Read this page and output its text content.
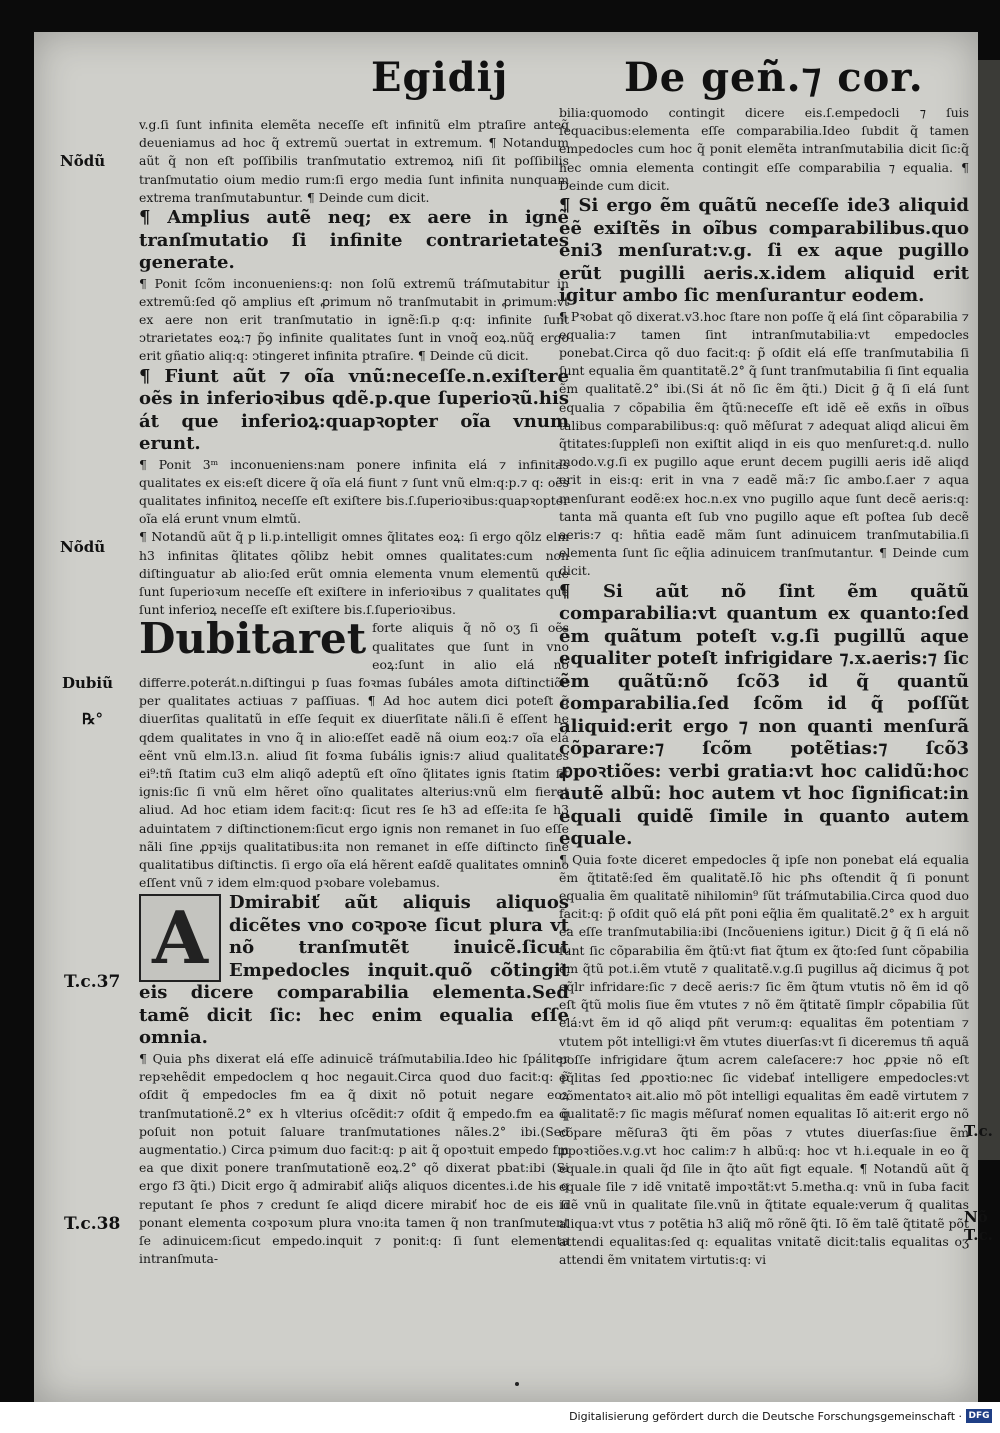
Egidij	De geñ.⁊ cor.
Nõdũ
Nõdũ
Dubiũ
℞°
T.c.37
T.c.38
T.c.
Nõ
T.c.

v.g.ſi ſunt infinita elemẽta neceſſe eſt infinitũ elm ptraſire anteq̃ deueniamus ad hoc q̃ extremũ ↄuertat in extremum. ¶ Notandum aũt q̃ non eſt poſſibilis tranſmutatio extremoꝝ niſi ſit poſſibilis tranſmutatio oium medio rum:ſi ergo media ſunt infinita nunquam extrema tranſmutabuntur. ¶ Deinde cum dicit.

¶ Amplius autẽ neq; ex aere in ignẽ tranſmutatio ſi infinite contrarietates generate.

¶ Ponit ſcõm inconueniens:q: non ſolũ extremũ tráſmutabitur in extremũ:ſed qõ amplius eſt ꝓrimum nõ tranſmutabit in ꝓrimum:vt ex aere non erit tranſmutatio in ignẽ:ſi.p q:q: infinite ſunt ↄtrarietates eoꝝ:⁊ p̃ꝯ infinite qualitates ſunt in vnoq̃ eoꝝ.nũq̃ ergo erit gñatio aliq:q: ↄtingeret infinita ptraſire. ¶ Deinde cũ dicit.

¶ Fiunt aũt ⁊ oĩa vnũ:neceſſe.n.exiſtere oẽs in inferioꝛibus qdẽ.p.que ſuperioꝛũ.his át que inferioꝝ:quapꝛopter oĩa vnum erunt.

¶ Ponit 3ᵐ inconueniens:nam ponere infinita elá ⁊ infinitas qualitates ex eis:eſt dicere q̃ oĩa elá fiunt ⁊ ſunt vnũ elm:q:p.⁊ q: oẽs qualitates infinitoꝝ neceſſe eſt exiſtere bis.ſ.ſuperioꝛibus:quapꝛopter oĩa elá erunt vnum elmtũ.

¶ Notandũ aũt q̃ p li.p.intelligit omnes q̃litates eoꝝ: ſi ergo qõlz elm h3 infinitas q̃litates qõlibz hebit omnes qualitates:cum non diſtinguatur ab alio:ſed erũt omnia elementa vnum elementũ que ſunt ſuperioꝛum neceſſe eſt exiſtere in inferioꝛibus ⁊ qualitates que ſunt inferioꝝ neceſſe eſt exiſtere bis.ſ.ſuperioꝛibus.

Dubitaret forte aliquis q̃ nõ oʒ ſi oẽs qualitates que ſunt in vno eoꝝ:ſunt in alio elá nõ differre.poterát.n.diſtingui p ſuas foꝛmas ſubáles amota diſtinctiõe per qualitates actiuas ⁊ paſſiuas. ¶ Ad hoc autem dici poteſt q̃ diuerſitas qualitatũ in eſſe ſequit ex diuerſitate nãli.ſi ẽ eſſent he qdem qualitates in vno q̃ in alio:eſſet eadẽ nã oium eoꝝ:⁊ oĩa elá eẽnt vnũ elm.l3.n. aliud ſit foꝛma ſubális ignis:⁊ aliud qualitates ei⁹:tñ ſtatim cu3 elm aliqõ adeptũ eſt oĩno q̃litates ignis ſtatim fit ignis:ſic ſi vnũ elm hẽret oĩno qualitates alterius:vnũ elm fieret aliud. Ad hoc etiam idem facit:q: ſicut res ſe h3 ad eſſe:ita ſe h3 aduintatem ⁊ diſtinctionem:ſicut ergo ignis non remanet in ſuo eſſe nãli ſine ꝓpꝛijs qualitatibus:ita non remanet in eſſe diſtincto ſine qualitatibus diſtinctis. ſi ergo oĩa elá hẽrent eaſdẽ qualitates omnino eſſent vnũ ⁊ idem elm:quod pꝛobare volebamus.
A	Dmirabiť aũt aliquis aliquos dicẽtes vno coꝛpoꝛe ſicut plura vt nõ tranſmutẽt inuicẽ.ſicut Empedocles inquit.quõ cõtingit eis dicere comparabilia elementa.Sed tamẽ dicit ſic: hec enim equalia eſſe omnia.

¶ Quia pħs dixerat elá eſſe adinuicẽ tráſmutabilia.Ideo hic ſpáliter repꝛehẽdit empedoclem q hoc negauit.Circa quod duo facit:q: p̃ oſdit q̃ empedocles fm ea q̃ dixit nõ potuit negare eoꝝ tranſmutationẽ.2° ex h vlterius oſcẽdit:⁊ oſdit q̃ empedo.fm ea q̃ poſuit non potuit ſaluare tranſmutationes nãles.2° ibi.(Sed augmentatio.) Circa pꝛimum duo facit:q: p ait q̃ opoꝛtuit empedo fm ea que dixit ponere tranſmutationẽ eoꝝ.2° qõ dixerat pbat:ibi (Si ergo f3 q̃ti.) Dicit ergo q̃ admirabiť aliq̃s aliquos dicentes.i.de his q reputant ſe pħos ⁊ credunt ſe aliqd dicere mirabiť hoc de eis ſi ponant elementa coꝛpoꝛum plura vno:ita tamen q̃ non tranſmutent ſe adinuicem:ſicut empedo.inquit ⁊ ponit:q: ſi ſunt elementa intranſmuta-

bilia:quomodo contingit dicere eis.ſ.empedocli ⁊ ſuis ſequacibus:elementa eſſe comparabilia.Ideo ſubdit q̃ tamen empedocles cum hoc q̃ ponit elemẽta intranſmutabilia dicit ſic:q̃ hec omnia elementa contingit eſſe comparabilia ⁊ equalia. ¶ Deinde cum dicit.

¶ Si ergo ẽm quãtũ neceſſe ide3 aliquid eẽ exiſtẽs in oĩbus comparabilibus.quo eni3 menſurat:v.g. ſi ex aque pugillo erũt pugilli aeris.x.idem aliquid erit igitur ambo ſic menſurantur eodem.

¶ Pꝛobat qõ dixerat.v3.hoc ſtare non poſſe q̃ elá ſint cõparabilia ⁊ equalia:⁊ tamen ſint intranſmutabilia:vt empedocles ponebat.Circa qõ duo facit:q: p̃ oſdit elá eſſe tranſmutabilia ſi ſunt equalia ẽm quantitatẽ.2° q̃ ſunt tranſmutabilia ſi ſint equalia ẽm qualitatẽ.2° ibi.(Si át nõ ſic ẽm q̃ti.) Dicit ḡ q̃ ſi elá ſunt equalia ⁊ cõpabilia ẽm q̃tũ:neceſſe eſt idẽ eẽ exñs in oĩbus talibus comparabilibus:q: quõ mẽſurat ⁊ adequat aliqd alicui ẽm q̃titates:ſuppleſi non exiſtit aliqd in eis quo menſuret:q.d. nullo modo.v.g.ſi ex pugillo aque erunt decem pugilli aeris idẽ aliqd erit in eis:q: erit in vna ⁊ eadẽ mã:⁊ ſic ambo.ſ.aer ⁊ aqua menſurant eodẽ:ex hoc.n.ex vno pugillo aque ſunt decẽ aeris:q: tanta mã quanta eſt ſub vno pugillo aque eſt poſtea ſub decẽ aeris:⁊ q: hñtia eadẽ mãm ſunt adinuicem tranſmutabilia.ſi elementa ſunt ſic eq̃lia adinuicem tranſmutantur. ¶ Deinde cum dicit.

¶ Si aũt nõ ſint ẽm quãtũ comparabilia:vt quantum ex quanto:ſed ẽm quãtum poteſt v.g.ſi pugillũ aque equaliter poteſt infrigidare ⁊.x.aeris:⁊ ſic ẽm quãtũ:nõ ſcõ3 id q̃ quantũ comparabilia.ſed ſcõm id q̃ poſſũt aliquid:erit ergo ⁊ non quanti menſurã cõparare:⁊ ſcõm potẽtias:⁊ ſcõ3 ꝓpoꝛtiões: verbi gratia:vt hoc calidũ:hoc autẽ albũ: hoc autem vt hoc ſignificat:in equali quidẽ ſimile in quanto autem equale.

¶ Quia foꝛte diceret empedocles q̃ ipſe non ponebat elá equalia ẽm q̃titatẽ:ſed ẽm qualitatẽ.Iõ hic pħs oſtendit q̃ ſi ponunt equalia ẽm qualitatẽ nihilomin⁹ ſũt tráſmutabilia.Circa quod duo facit:q: p̃ oſdit quõ elá pñt poni eq̃lia ẽm qualitatẽ.2° ex h arguit ea eſſe tranſmutabilia:ibi (Incõueniens igitur.) Dicit ḡ q̃ ſi elá nõ ſunt ſic cõparabilia ẽm q̃tũ:vt fiat q̃tum ex q̃to:ſed ſunt cõpabilia ẽm q̃tũ pot.i.ẽm vtutẽ ⁊ qualitatẽ.v.g.ſi pugillus aq̃ dicimus q̃ pot eq̃lr infridare:ſic ⁊ decẽ aeris:⁊ ſic ẽm q̃tum vtutis nõ ẽm id qõ eſt q̃tũ molis ſiue ẽm vtutes ⁊ nõ ẽm q̃titatẽ ſimplr cõpabilia ſũt elá:vt ẽm id qõ aliqd pñt verum:q: equalitas ẽm potentiam ⁊ vtutem põt intelligi:vł ẽm vtutes diuerſas:vt ſi diceremus tñ aquã poſſe infrigidare q̃tum acrem caleſacere:⁊ hoc ꝓpꝛie nõ eſt eq̃litas ſed ꝓpoꝛtio:nec ſic videbať intelligere empedocles:vt cõmentatoꝛ ait.alio mõ põt intelligi equalitas ẽm eadẽ virtutem ⁊ qualitatẽ:⁊ ſic magis mẽſurať nomen equalitas Iõ ait:erit ergo nõ cõpare mẽſura3 q̃ti ẽm põas ⁊ vtutes diuerſas:ſiue ẽm ꝓpoꝛtiões.v.g.vt hoc calim:⁊ h albũ:q: hoc vt h.i.equale in eo q̃ equale.in quali q̃d ſile in q̃to aũt figt equale. ¶ Notandũ aũt q̃ equale ſile ⁊ idẽ vnitatẽ impoꝛtãt:vt 5.metha.q: vnũ in ſuba facit idẽ vnũ in qualitate ſile.vnũ in q̃titate equale:verum q̃ qualitas aliqua:vt vtus ⁊ potẽtia h3 aliq̃ mõ rõnẽ q̃ti. Iõ ẽm talẽ q̃titatẽ põt attendi equalitas:ſed q: equalitas vnitatẽ dicit:talis equalitas oʒ attendi ẽm vnitatem virtutis:q: vi

Digitalisierung gefördert durch die Deutsche Forschungsgemeinschaft · DFG
